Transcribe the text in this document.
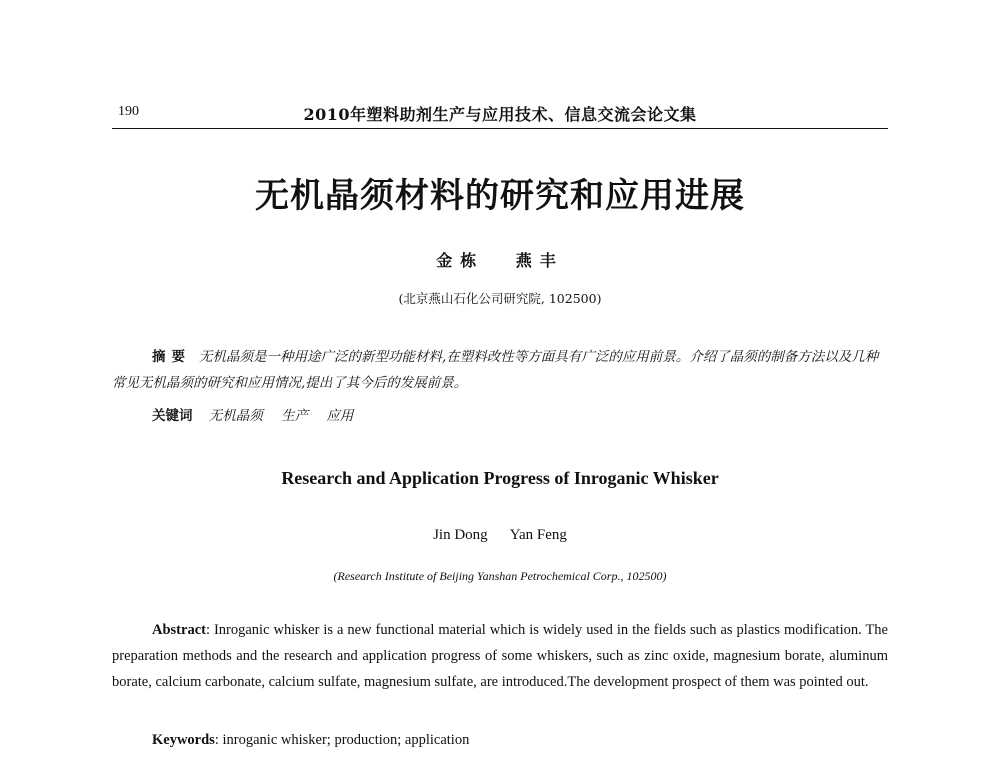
190	2010年塑料助剂生产与应用技术、信息交流会论文集
无机晶须材料的研究和应用进展
金栋 燕丰
(北京燕山石化公司研究院, 102500)
摘要 无机晶须是一种用途广泛的新型功能材料,在塑料改性等方面具有广泛的应用前景。介绍了晶须的制备方法以及几种常见无机晶须的研究和应用情况,提出了其今后的发展前景。
关键词 无机晶须 生产 应用
Research and Application Progress of Inroganic Whisker
Jin Dong Yan Feng
(Research Institute of Beijing Yanshan Petrochemical Corp., 102500)
Abstract: Inroganic whisker is a new functional material which is widely used in the fields such as plastics modification. The preparation methods and the research and application progress of some whiskers, such as zinc oxide, magnesium borate, aluminum borate, calcium carbonate, calcium sulfate, magnesium sulfate, are introduced.The development prospect of them was pointed out.
Keywords: inroganic whisker; production; application
